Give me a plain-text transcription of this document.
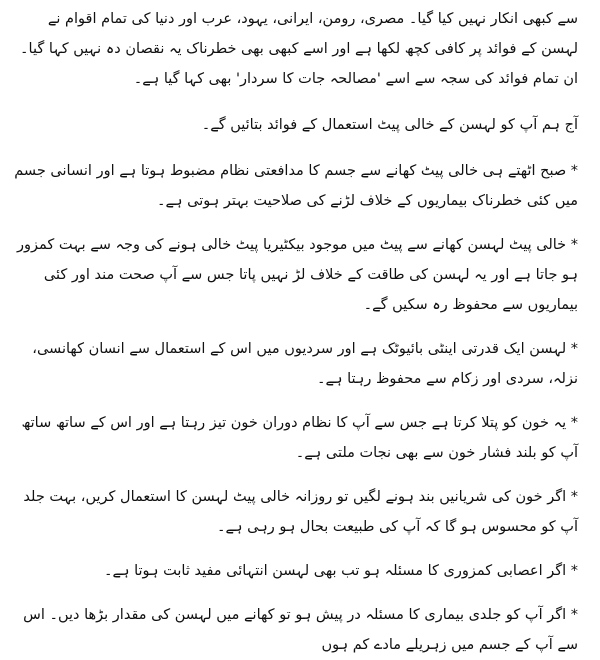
سے کبھی انکار نہیں کیا گیا۔ مصری، رومن، ایرانی، یہود، عرب اور دنیا کی تمام اقوام نے لہسن کے فوائد پر کافی کچھ لکھا ہے اور اسے کبھی بھی خطرناک یہ نقصان دہ نہیں کہا گیا۔ ان تمام فوائد کی سجہ سے اسے 'مصالحہ جات کا سردار' بھی کہا گیا ہے۔

آج ہم آپ کو لہسن کے خالی پیٹ استعمال کے فوائد بتائیں گے۔

* صبح اٹھتے ہی خالی پیٹ کھانے سے جسم کا مدافعتی نظام مضبوط ہوتا ہے اور انسانی جسم میں کئی خطرناک بیماریوں کے خلاف لڑنے کی صلاحیت بہتر ہوتی ہے۔

* خالی پیٹ لہسن کھانے سے پیٹ میں موجود بیکٹیریا پیٹ خالی ہونے کی وجہ سے بہت کمزور ہو جاتا ہے اور یہ لہسن کی طاقت کے خلاف لڑ نہیں پاتا جس سے آپ صحت مند اور کئی بیماریوں سے محفوظ رہ سکیں گے۔

* لہسن ایک قدرتی اینٹی بائیوٹک ہے اور سردیوں میں اس کے استعمال سے انسان کھانسی، نزلہ، سردی اور زکام سے محفوظ رہتا ہے۔

* یہ خون کو پتلا کرتا ہے جس سے آپ کا نظام دوران خون تیز رہتا ہے اور اس کے ساتھ ساتھ آپ کو بلند فشار خون سے بھی نجات ملتی ہے۔

* اگر خون کی شریانیں بند ہونے لگیں تو روزانہ خالی پیٹ لہسن کا استعمال کریں، بہت جلد آپ کو محسوس ہو گا کہ آپ کی طبیعت بحال ہو رہی ہے۔

* اگر اعصابی کمزوری کا مسئلہ ہو تب بھی لہسن انتہائی مفید ثابت ہوتا ہے۔

* اگر آپ کو جلدی بیماری کا مسئلہ در پیش ہو تو کھانے میں لہسن کی مقدار بڑھا دیں۔ اس سے آپ کے جسم میں زہریلے مادے کم ہوں
